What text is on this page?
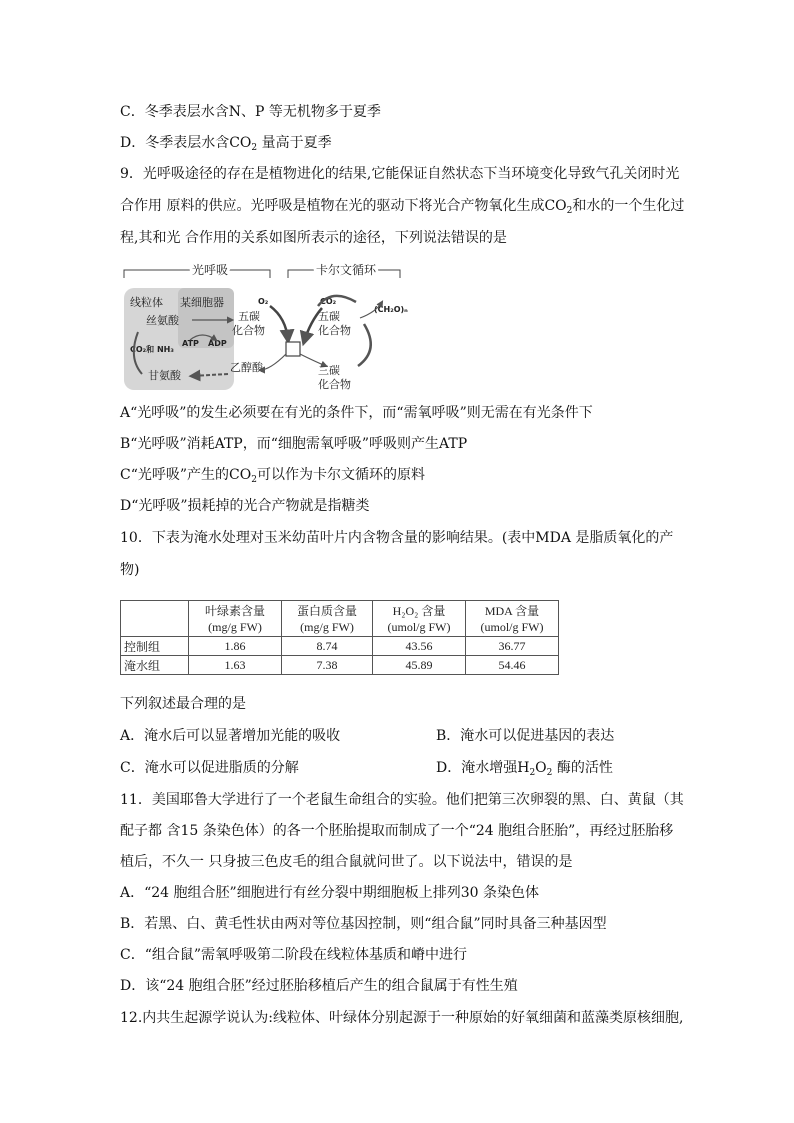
C．冬季表层水含N、P 等无机物多于夏季
D．冬季表层水含$CO_2$ 量高于夏季
9．光呼吸途径的存在是植物进化的结果,它能保证自然状态下当环境变化导致气孔关闭时光
合作用 原料的供应。光呼吸是植物在光的驱动下将光合产物氧化生成$CO_2$和水的一个生化过
程,其和光 合作用的关系如图所表示的途径，下列说法错误的是
光呼吸	卡尔文循环
线粒体 某细胞器
丝氨酸
CO₂和 NH₃
ATP ADP
甘氨酸
乙醇酸
O₂
五碳
化合物
CO₂
五碳
化合物
(CH₂O)ₙ
三碳
化合物
A“光呼吸”的发生必须要在有光的条件下，而“需氧呼吸”则无需在有光条件下
B“光呼吸”消耗ATP，而“细胞需氧呼吸”呼吸则产生ATP
C“光呼吸”产生的$CO_2$可以作为卡尔文循环的原料
D“光呼吸”损耗掉的光合产物就是指糖类
10．下表为淹水处理对玉米幼苗叶片内含物含量的影响结果。(表中MDA 是脂质氧化的产
物)
	叶绿素含量
(mg/g FW)	蛋白质含量
(mg/g FW)	H₂O₂ 含量
(umol/g FW)	MDA 含量
(umol/g FW)
控制组	1.86	8.74	43.56	36.77
淹水组	1.63	7.38	45.89	54.46
下列叙述最合理的是
A．淹水后可以显著增加光能的吸收	B．淹水可以促进基因的表达
C．淹水可以促进脂质的分解	D．淹水增强$H_2O_2$ 酶的活性
11．美国耶鲁大学进行了一个老鼠生命组合的实验。他们把第三次卵裂的黑、白、黄鼠（其
配子都 含15 条染色体）的各一个胚胎提取而制成了一个“24 胞组合胚胎”，再经过胚胎移
植后，不久一 只身披三色皮毛的组合鼠就问世了。以下说法中，错误的是
A．“24 胞组合胚”细胞进行有丝分裂中期细胞板上排列30 条染色体
B．若黑、白、黄毛性状由两对等位基因控制，则“组合鼠”同时具备三种基因型
C．“组合鼠”需氧呼吸第二阶段在线粒体基质和嵴中进行
D．该“24 胞组合胚”经过胚胎移植后产生的组合鼠属于有性生殖
12.内共生起源学说认为:线粒体、叶绿体分别起源于一种原始的好氧细菌和蓝藻类原核细胞,
